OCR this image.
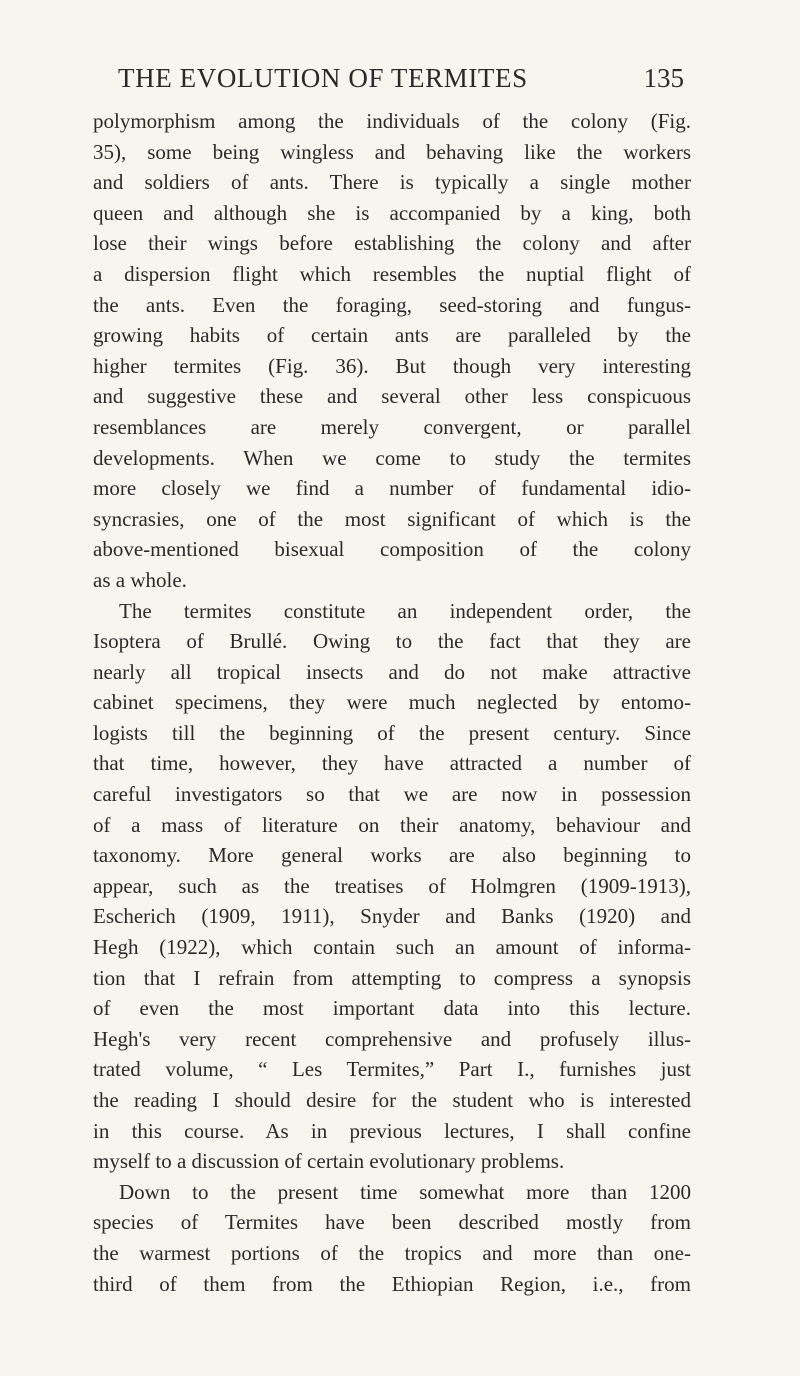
THE EVOLUTION OF TERMITES	135
polymorphism among the individuals of the colony (Fig.
35), some being wingless and behaving like the workers
and soldiers of ants. There is typically a single mother
queen and although she is accompanied by a king, both
lose their wings before establishing the colony and after
a dispersion flight which resembles the nuptial flight of
the ants. Even the foraging, seed-storing and fungus-
growing habits of certain ants are paralleled by the
higher termites (Fig. 36). But though very interesting
and suggestive these and several other less conspicuous
resemblances are merely convergent, or parallel
developments. When we come to study the termites
more closely we find a number of fundamental idio-
syncrasies, one of the most significant of which is the
above-mentioned bisexual composition of the colony
as a whole.
The termites constitute an independent order, the
Isoptera of Brullé. Owing to the fact that they are
nearly all tropical insects and do not make attractive
cabinet specimens, they were much neglected by entomo-
logists till the beginning of the present century. Since
that time, however, they have attracted a number of
careful investigators so that we are now in possession
of a mass of literature on their anatomy, behaviour and
taxonomy. More general works are also beginning to
appear, such as the treatises of Holmgren (1909-1913),
Escherich (1909, 1911), Snyder and Banks (1920) and
Hegh (1922), which contain such an amount of informa-
tion that I refrain from attempting to compress a synopsis
of even the most important data into this lecture.
Hegh's very recent comprehensive and profusely illus-
trated volume, “ Les Termites,” Part I., furnishes just
the reading I should desire for the student who is interested
in this course. As in previous lectures, I shall confine
myself to a discussion of certain evolutionary problems.
Down to the present time somewhat more than 1200
species of Termites have been described mostly from
the warmest portions of the tropics and more than one-
third of them from the Ethiopian Region, i.e., from
